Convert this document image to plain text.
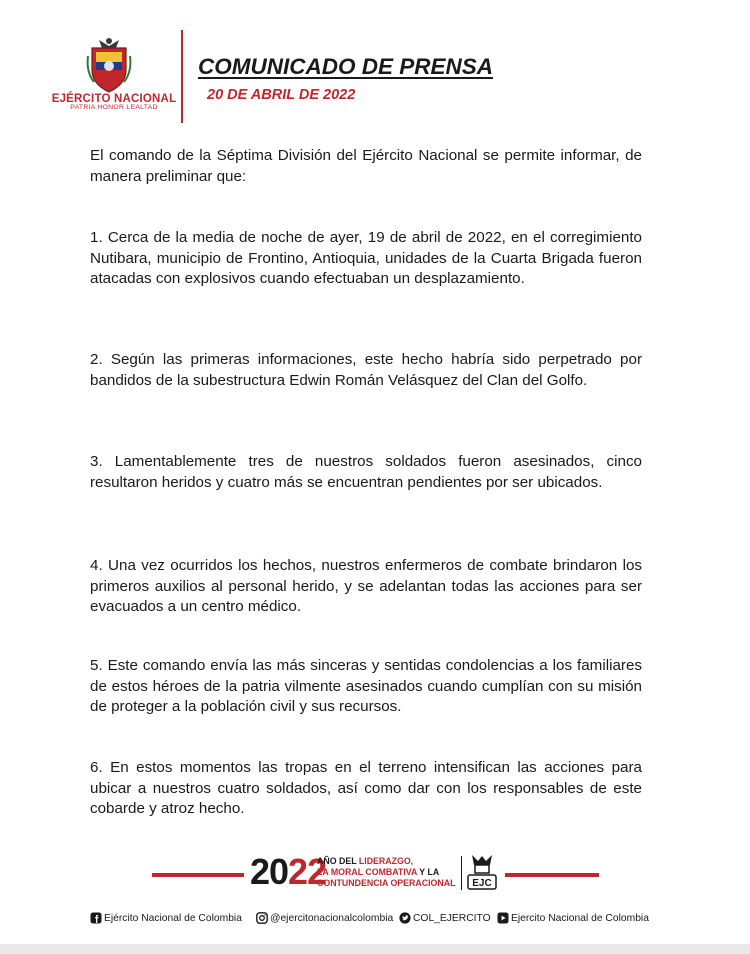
EJÉRCITO NACIONAL
PATRIA HONOR LEALTAD
COMUNICADO DE PRENSA
20 DE ABRIL DE 2022
El comando de la Séptima División del Ejército Nacional se permite informar, de manera preliminar que:
1. Cerca de la media de noche de ayer, 19 de abril de 2022, en el corregimiento Nutibara, municipio de Frontino, Antioquia, unidades de la Cuarta Brigada fueron atacadas con explosivos cuando efectuaban un desplazamiento.
2. Según las primeras informaciones, este hecho habría sido perpetrado por bandidos de la subestructura Edwin Román Velásquez del Clan del Golfo.
3. Lamentablemente tres de nuestros soldados fueron asesinados, cinco resultaron heridos y cuatro más se encuentran pendientes por ser ubicados.
4. Una vez ocurridos los hechos, nuestros enfermeros de combate brindaron los primeros auxilios al personal herido, y se adelantan todas las acciones para ser evacuados a un centro médico.
5. Este comando envía las más sinceras y sentidas condolencias a los familiares de estos héroes de la patria vilmente asesinados cuando cumplían con su misión de proteger a la población civil y sus recursos.
6. En estos momentos las tropas en el terreno intensifican las acciones para ubicar a nuestros cuatro soldados, así como dar con los responsables de este cobarde y atroz hecho.
2022
AÑO DEL LIDERAZGO,
LA MORAL COMBATIVA Y LA
CONTUNDENCIA OPERACIONAL EJC
Ejército Nacional de Colombia	@ejercitonacionalcolombia COL_EJERCITO Ejercito Nacional de Colombia
